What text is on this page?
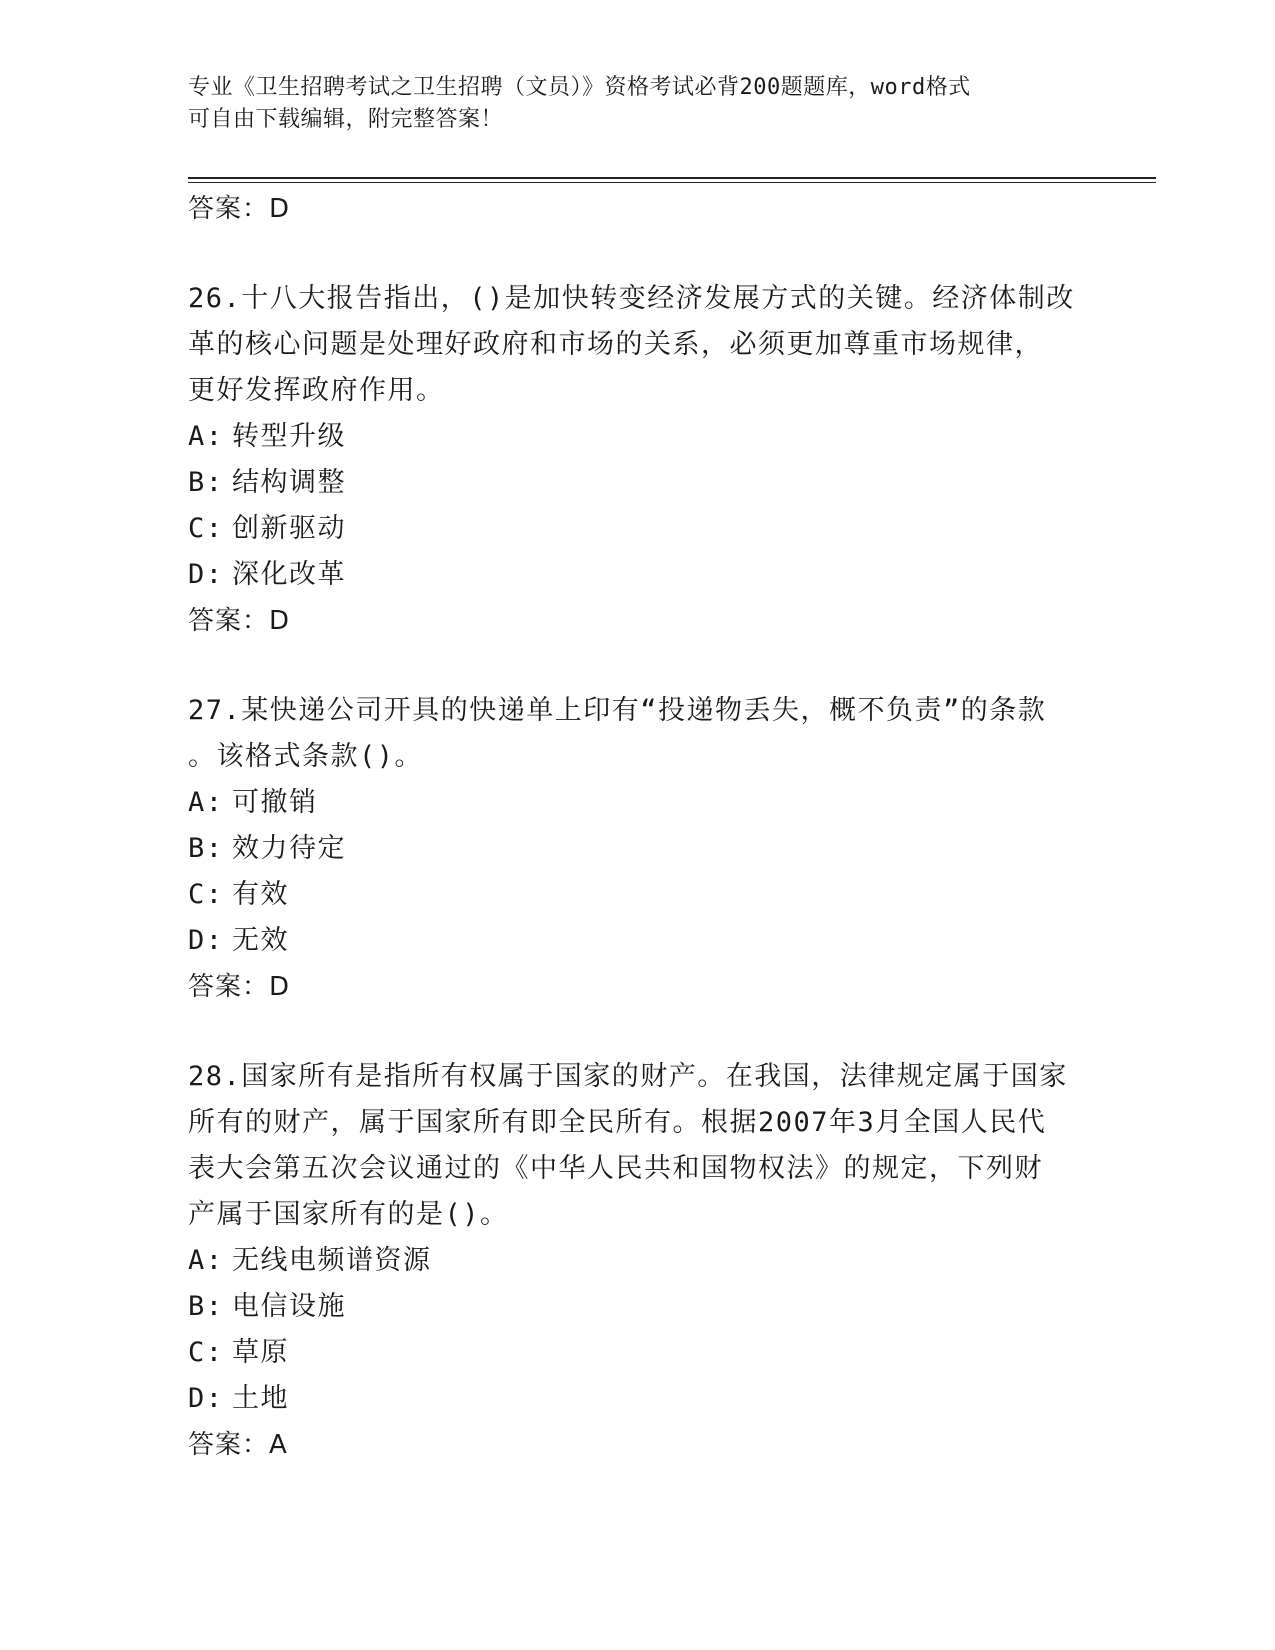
专业《卫生招聘考试之卫生招聘（文员）》资格考试必背200题题库，word格式
可自由下载编辑，附完整答案！
答案：D
26.十八大报告指出，()是加快转变经济发展方式的关键。经济体制改
革的核心问题是处理好政府和市场的关系，必须更加尊重市场规律，
更好发挥政府作用。
A: 转型升级
B: 结构调整
C: 创新驱动
D: 深化改革
答案：D
27.某快递公司开具的快递单上印有“投递物丢失，概不负责”的条款
。该格式条款()。
A: 可撤销
B: 效力待定
C: 有效
D: 无效
答案：D
28.国家所有是指所有权属于国家的财产。在我国，法律规定属于国家
所有的财产，属于国家所有即全民所有。根据2007年3月全国人民代
表大会第五次会议通过的《中华人民共和国物权法》的规定，下列财
产属于国家所有的是()。
A: 无线电频谱资源
B: 电信设施
C: 草原
D: 土地
答案：A
